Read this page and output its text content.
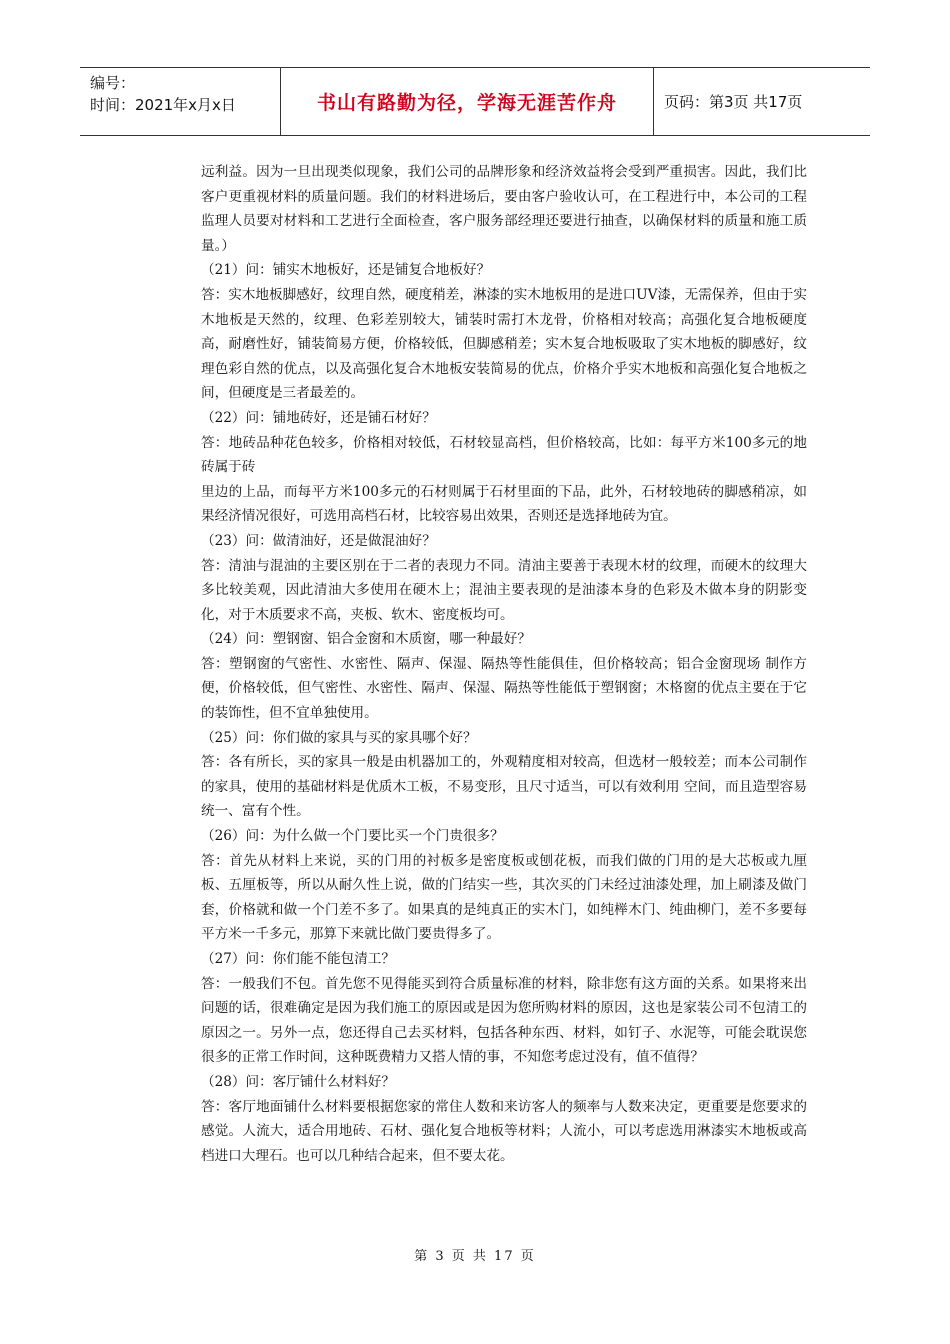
编号：
时间：2021年x月x日	书山有路勤为径，学海无涯苦作舟	页码：第3页 共17页

远利益。因为一旦出现类似现象，我们公司的品牌形象和经济效益将会受到严重损害。因此，我们比客户更重视材料的质量问题。我们的材料进场后，要由客户验收认可，在工程进行中，本公司的工程监理人员要对材料和工艺进行全面检查，客户服务部经理还要进行抽查，以确保材料的质量和施工质量。）

（21）问：铺实木地板好，还是铺复合地板好？

答：实木地板脚感好，纹理自然，硬度稍差，淋漆的实木地板用的是进口UV漆，无需保养，但由于实木地板是天然的，纹理、色彩差别较大，铺装时需打木龙骨，价格相对较高；高强化复合地板硬度高，耐磨性好，铺装简易方便，价格较低，但脚感稍差；实木复合地板吸取了实木地板的脚感好，纹理色彩自然的优点，以及高强化复合木地板安装简易的优点，价格介乎实木地板和高强化复合地板之间，但硬度是三者最差的。

（22）问：铺地砖好，还是铺石材好？

答：地砖品种花色较多，价格相对较低，石材较显高档，但价格较高，比如：每平方米100多元的地砖属于砖

里边的上品，而每平方米100多元的石材则属于石材里面的下品，此外，石材较地砖的脚感稍凉，如果经济情况很好，可选用高档石材，比较容易出效果，否则还是选择地砖为宜。

（23）问：做清油好，还是做混油好？

答：清油与混油的主要区别在于二者的表现力不同。清油主要善于表现木材的纹理，而硬木的纹理大多比较美观，因此清油大多使用在硬木上；混油主要表现的是油漆本身的色彩及木做本身的阴影变化，对于木质要求不高，夹板、软木、密度板均可。

（24）问：塑钢窗、铝合金窗和木质窗，哪一种最好？

答：塑钢窗的气密性、水密性、隔声、保湿、隔热等性能俱佳，但价格较高；铝合金窗现场 制作方便，价格较低，但气密性、水密性、隔声、保湿、隔热等性能低于塑钢窗；木格窗的优点主要在于它的装饰性，但不宜单独使用。

（25）问：你们做的家具与买的家具哪个好？

答：各有所长，买的家具一般是由机器加工的，外观精度相对较高，但选材一般较差；而本公司制作的家具，使用的基础材料是优质木工板，不易变形，且尺寸适当，可以有效利用 空间，而且造型容易统一、富有个性。

（26）问：为什么做一个门要比买一个门贵很多？

答：首先从材料上来说，买的门用的衬板多是密度板或刨花板，而我们做的门用的是大芯板或九厘板、五厘板等，所以从耐久性上说，做的门结实一些，其次买的门未经过油漆处理，加上刷漆及做门套，价格就和做一个门差不多了。如果真的是纯真正的实木门，如纯榉木门、纯曲柳门，差不多要每平方米一千多元，那算下来就比做门要贵得多了。

（27）问：你们能不能包清工？

答：一般我们不包。首先您不见得能买到符合质量标准的材料，除非您有这方面的关系。如果将来出问题的话，很难确定是因为我们施工的原因或是因为您所购材料的原因，这也是家装公司不包清工的原因之一。另外一点，您还得自己去买材料，包括各种东西、材料，如钉子、水泥等，可能会耽误您很多的正常工作时间，这种既费精力又搭人情的事，不知您考虑过没有，值不值得？

（28）问：客厅铺什么材料好？

答：客厅地面铺什么材料要根据您家的常住人数和来访客人的频率与人数来决定，更重要是您要求的感觉。人流大，适合用地砖、石材、强化复合地板等材料；人流小，可以考虑选用淋漆实木地板或高档进口大理石。也可以几种结合起来，但不要太花。

第 3 页 共 17 页
